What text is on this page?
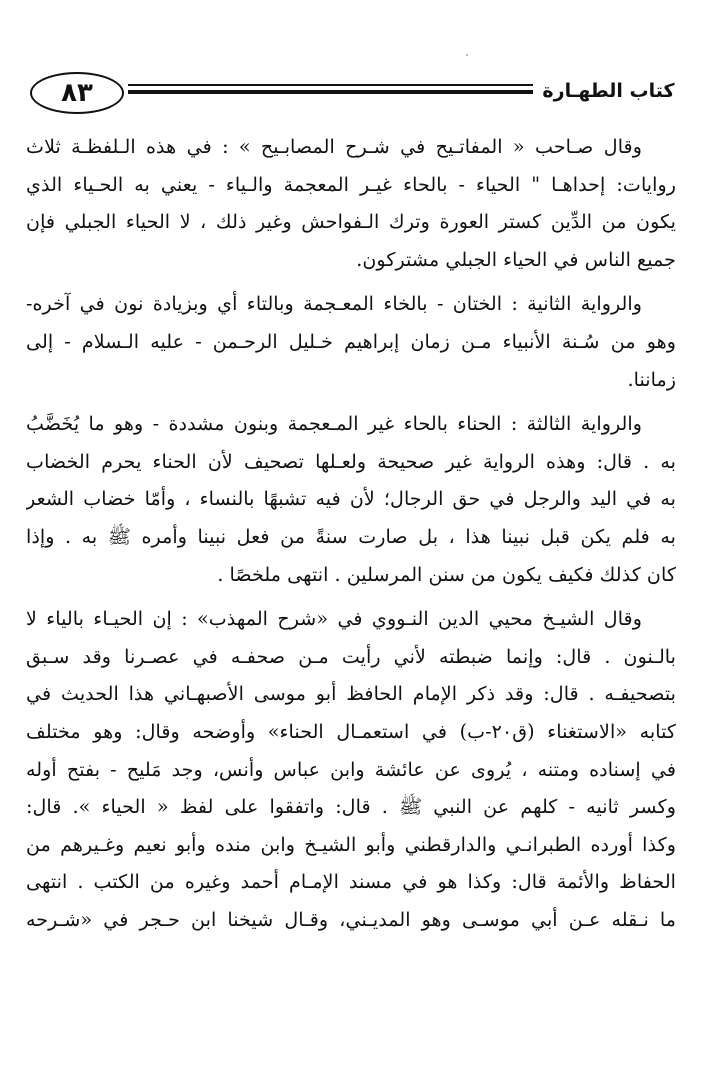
٨٣	كتاب الطهـارة
وقال صـاحب « المفاتـيح في شـرح المصابـيح » : في هذه الـلفظـة ثلاث
روايات: إحداهـا " الحياء - بالحاء غيـر المعجمة والـياء - يعني به الحـياء الذي
يكون من الدِّين كستر العورة وترك الـفواحش وغير ذلك ، لا الحياء الجبلي فإن
جميع الناس في الحياء الجبلي مشتركون.
والرواية الثانية : الختان - بالخاء المعـجمة وبالتاء أي وبزيادة نون في آخره-
وهو من سُـنة الأنبياء مـن زمان إبراهيم خـليل الرحـمن - عليه الـسلام - إلى
زماننا.
والرواية الثالثة : الحناء بالحاء غير المـعجمة وبنون مشددة - وهو ما يُخَضَّبُ
به . قال: وهذه الرواية غير صحيحة ولعـلها تصحيف لأن الحناء يحرم الخضاب
به في اليد والرجل في حق الرجال؛ لأن فيه تشبهًا بالنساء ، وأمّا خضاب الشعر
به فلم يكن قبل نبينا هذا ، بل صارت سنةً من فعل نبينا وأمره ﷺ به . وإذا
كان كذلك فكيف يكون من سنن المرسلين . انتهى ملخصًا .
وقال الشيـخ محيي الدين النـووي في «شرح المهذب» : إن الحيـاء بالياء لا
بالـنون . قال: وإنما ضبطته لأني رأيت مـن صحفـه في عصـرنا وقد سـبق
بتصحيفـه . قال: وقد ذكر الإمام الحافظ أبو موسى الأصبهـاني هذا الحديث في
كتابه «الاستغناء (ق٢٠-ب) في استعمـال الحناء» وأوضحه وقال: وهو مختلف
في إسناده ومتنه ، يُروى عن عائشة وابن عباس وأنس، وجد مَليح - بفتح أوله
وكسر ثانيه - كلهم عن النبي ﷺ . قال: واتفقوا على لفظ « الحياء ». قال:
وكذا أورده الطبرانـي والدارقطني وأبو الشيـخ وابن منده وأبو نعيم وغـيرهم من
الحفاظ والأئمة قال: وكذا هو في مسند الإمـام أحمد وغيره من الكتب . انتهى
ما نـقله عـن أبي موسـى وهو المديـني، وقـال شيخنا ابن حـجر في «شـرحه
